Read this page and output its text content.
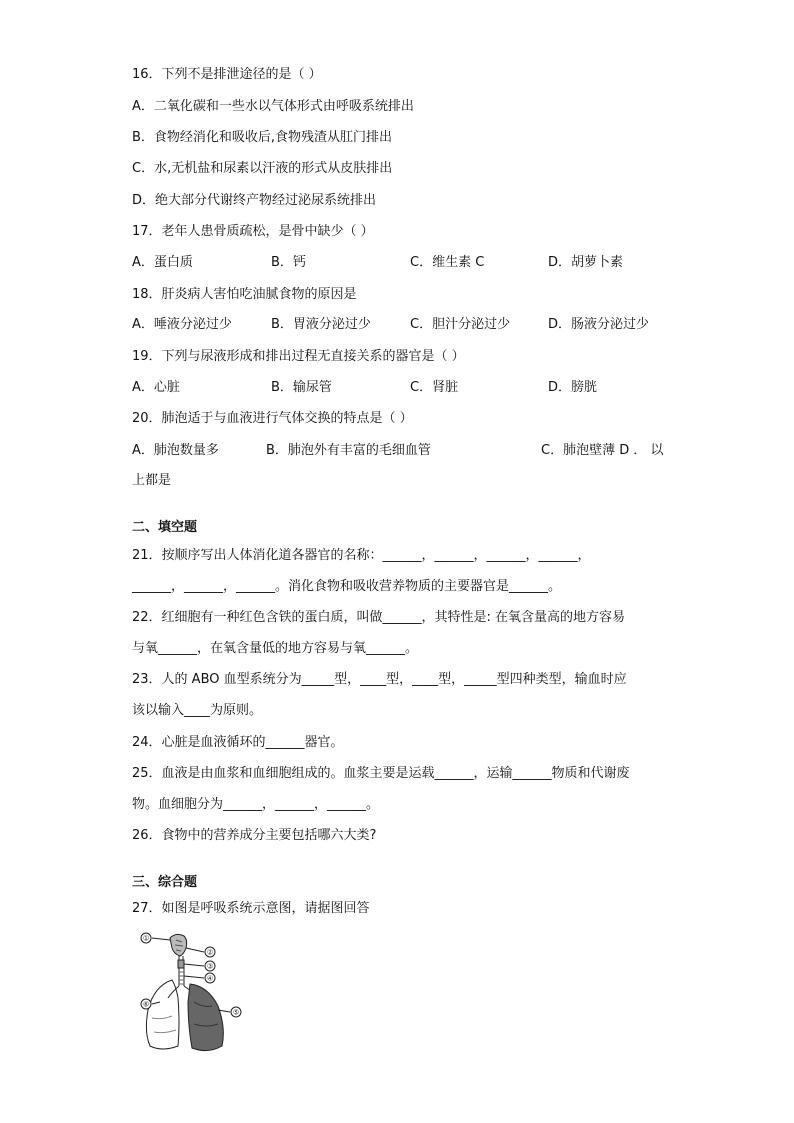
16．下列不是排泄途径的是（ ）
A．二氧化碳和一些水以气体形式由呼吸系统排出
B．食物经消化和吸收后,食物残渣从肛门排出
C．水,无机盐和尿素以汗液的形式从皮肤排出
D．绝大部分代谢终产物经过泌尿系统排出
17．老年人患骨质疏松，是骨中缺少（ ）
A．蛋白质	B．钙	C．维生素 C	D．胡萝卜素
18．肝炎病人害怕吃油腻食物的原因是
A．唾液分泌过少	B．胃液分泌过少	C．胆汁分泌过少	D．肠液分泌过少
19．下列与尿液形成和排出过程无直接关系的器官是（ ）
A．心脏	B．输尿管	C．肾脏	D．膀胱
20．肺泡适于与血液进行气体交换的特点是（ ）
A．肺泡数量多	B．肺泡外有丰富的毛细血管	C．肺泡壁薄 D ． 以
上都是
二、填空题
21．按顺序写出人体消化道各器官的名称：______，______，______，______，
______，______，______。消化食物和吸收营养物质的主要器官是______。
22．红细胞有一种红色含铁的蛋白质，叫做______，其特性是: 在氧含量高的地方容易
与氧______，在氧含量低的地方容易与氧______。
23．人的 ABO 血型系统分为_____型，____型，____型，_____型四种类型，输血时应
该以输入____为原则。
24．心脏是血液循环的______器官。
25．血液是由血浆和血细胞组成的。血浆主要是运载______，运输______物质和代谢废
物。血细胞分为______，______，______。
26．食物中的营养成分主要包括哪六大类?
三、综合题
27．如图是呼吸系统示意图，请据图回答
①
②
③
④
⑤
⑥
